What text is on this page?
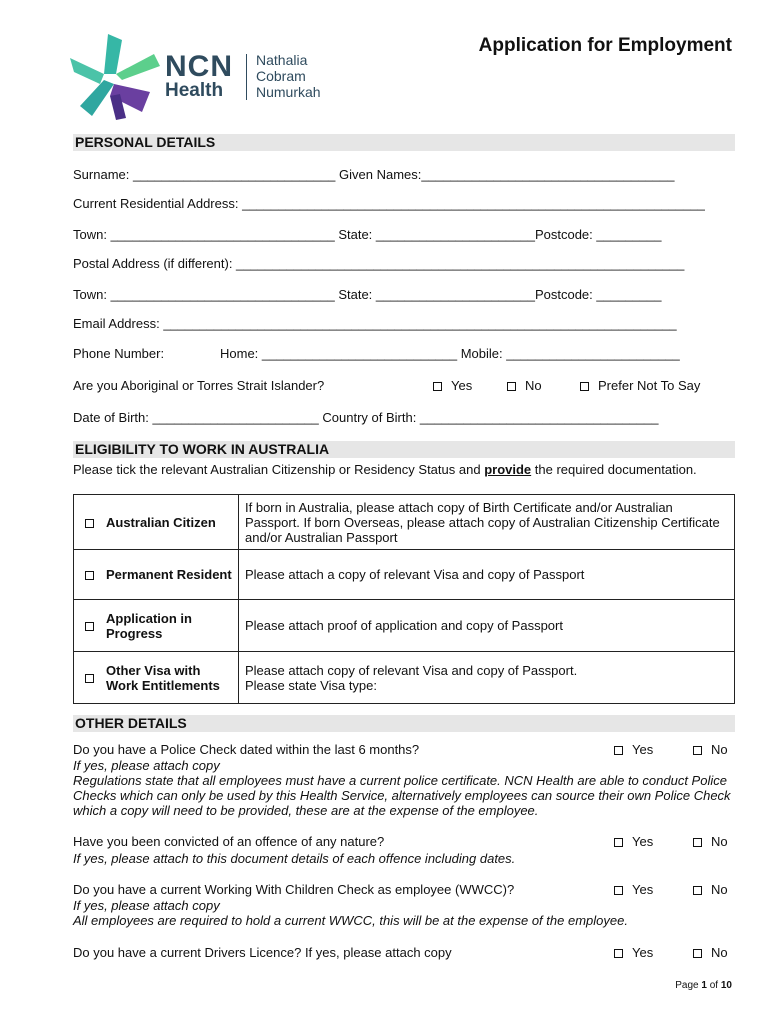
NCN
Health
Nathalia
Cobram
Numurkah
Application for Employment
PERSONAL DETAILS
Surname: ____________________________ Given Names:___________________________________
Current Residential Address: ________________________________________________________________
Town: _______________________________ State: ______________________Postcode: _________
Postal Address (if different): ______________________________________________________________
Town: _______________________________ State: ______________________Postcode: _________
Email Address: _______________________________________________________________________
Phone Number:	Home: ___________________________ Mobile: ________________________
Are you Aboriginal or Torres Strait Islander?	Yes	No	Prefer Not To Say
Date of Birth: _______________________ Country of Birth: _________________________________
ELIGIBILITY TO WORK IN AUSTRALIA
Please tick the relevant Australian Citizenship or Residency Status and provide the required documentation.
	Australian Citizen	If born in Australia, please attach copy of Birth Certificate and/or Australian Passport. If born Overseas, please attach copy of Australian Citizenship Certificate and/or Australian Passport
	Permanent Resident	Please attach a copy of relevant Visa and copy of Passport
	Application in Progress	Please attach proof of application and copy of Passport
	Other Visa with Work Entitlements	Please attach copy of relevant Visa and copy of Passport.
Please state Visa type:
OTHER DETAILS
Do you have a Police Check dated within the last 6 months?	Yes	No
If yes, please attach copy
Regulations state that all employees must have a current police certificate. NCN Health are able to conduct Police Checks which can only be used by this Health Service, alternatively employees can source their own Police Check which a copy will need to be provided, these are at the expense of the employee.
Have you been convicted of an offence of any nature?	Yes	No
If yes, please attach to this document details of each offence including dates.
Do you have a current Working With Children Check as employee (WWCC)?	Yes	No
If yes, please attach copy
All employees are required to hold a current WWCC, this will be at the expense of the employee.
Do you have a current Drivers Licence? If yes, please attach copy	Yes	No
Page 1 of 10
